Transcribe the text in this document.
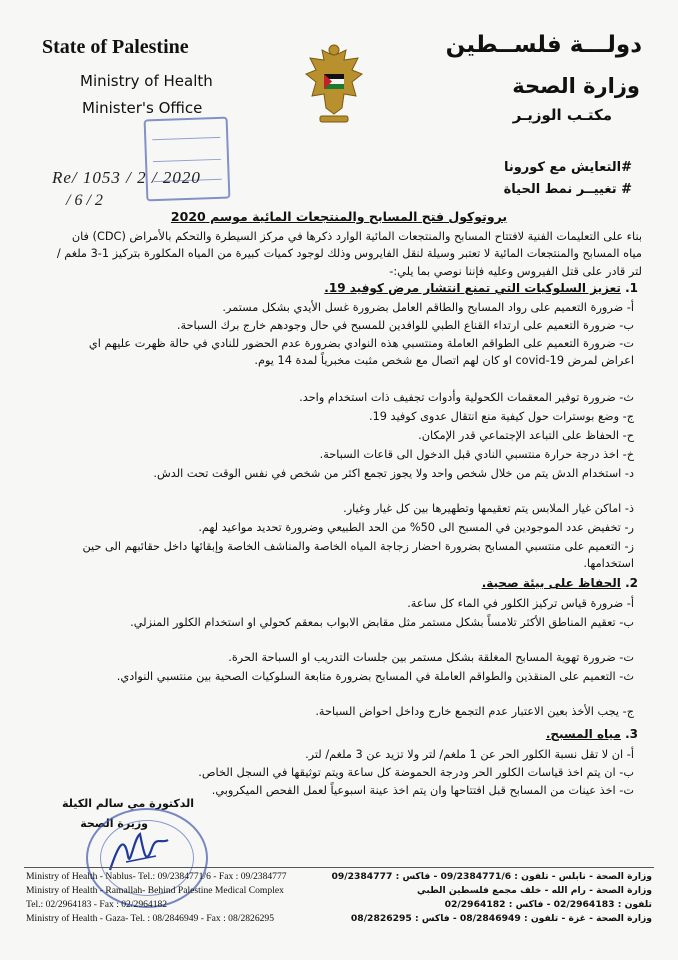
State of Palestine
Ministry of Health
Minister's Office
دولـــة فلســطين
وزارة الصحة
مكتـب الوزيـر
Re/ 1053 / 2 / 2020
/ 6 / 2
#التعايش مع كورونا
# تغييــر نمط الحياة
بروتوكول فتح المسابح والمنتجعات المائية موسم 2020
بناء على التعليمات الفنية لافتتاح المسابح والمنتجعات المائية الوارد ذكرها في مركز السيطرة والتحكم بالأمراض (CDC) فان مياه المسابح والمنتجعات المائية لا تعتبر وسيلة لنقل الفايروس وذلك لوجود كميات كبيرة من المياه المكلورة بتركيز 1-3 ملغم /لتر قادر على قتل الفيروس وعليه فإننا نوصي بما يلي:-
1. تعزيز السلوكيات التي تمنع انتشار مرض كوفيد 19.
أ- ضرورة التعميم على رواد المسابح والطاقم العامل بضرورة غسل الأيدي بشكل مستمر.
ب- ضرورة التعميم على ارتداء القناع الطبي للوافدين للمسبح في حال وجودهم خارج برك السباحة.
ت- ضرورة التعميم على الطواقم العاملة ومنتسبي هذه النوادي بضرورة عدم الحضور للنادي في حالة ظهرت عليهم اي اعراض لمرض covid-19 او كان لهم اتصال مع شخص مثبت مخبرياً لمدة 14 يوم.
ث- ضرورة توفير المعقمات الكحولية وأدوات تجفيف ذات استخدام واحد.
ج- وضع بوسترات حول كيفية منع انتقال عدوى كوفيد 19.
ح- الحفاظ على التباعد الإجتماعي قدر الإمكان.
خ- اخذ درجة حرارة منتسبي النادي قبل الدخول الى قاعات السباحة.
د- استخدام الدش يتم من خلال شخص واحد ولا يجوز تجمع اكثر من شخص في نفس الوقت تحت الدش.
ذ- اماكن غيار الملابس يتم تعقيمها وتطهيرها بين كل غيار وغيار.
ر- تخفيض عدد الموجودين في المسبح الى 50% من الحد الطبيعي وضرورة تحديد مواعيد لهم.
ز- التعميم على منتسبي المسابح بضرورة احضار زجاجة المياه الخاصة والمناشف الخاصة وإبقائها داخل حقائبهم الى حين استخدامها.
2. الحفاظ على بيئة صحية.
أ- ضرورة قياس تركيز الكلور في الماء كل ساعة.
ب- تعقيم المناطق الأكثر تلامساً بشكل مستمر مثل مقابض الابواب بمعقم كحولي او استخدام الكلور المنزلي.
ت- ضرورة تهوية المسابح المغلقة بشكل مستمر بين جلسات التدريب او السباحة الحرة.
ث- التعميم على المنقذين والطواقم العاملة في المسابح بضرورة متابعة السلوكيات الصحية بين منتسبي النوادي.
ج- يجب الأخذ بعين الاعتبار عدم التجمع خارج وداخل احواض السباحة.
3. مياه المسبح.
أ- ان لا تقل نسبة الكلور الحر عن 1 ملغم/ لتر ولا تزيد عن 3 ملغم/ لتر.
ب- ان يتم اخذ قياسات الكلور الحر ودرجة الحموضة كل ساعة ويتم توثيقها في السجل الخاص.
ت- اخذ عينات من المسابح قبل افتتاحها وان يتم اخذ عينة اسبوعياً لعمل الفحص الميكروبي.
الدكتورة مي سالم الكيلة
وزيرة الصحة
Ministry of Health - Nablus- Tel.: 09/2384771/6 - Fax : 09/2384777
Ministry of Health - Ramallah- Behind Palestine Medical Complex
Tel.: 02/2964183 - Fax : 02/2964182
Ministry of Health - Gaza- Tel. : 08/2846949 - Fax : 08/2826295
وزارة الصحة - نابلس - تلفون : 09/2384771/6 - فاكس : 09/2384777
وزارة الصحة - رام الله - خلف مجمع فلسطين الطبي
تلفون : 02/2964183 - فاكس : 02/2964182
وزارة الصحة - غزة - تلفون : 08/2846949 - فاكس : 08/2826295
